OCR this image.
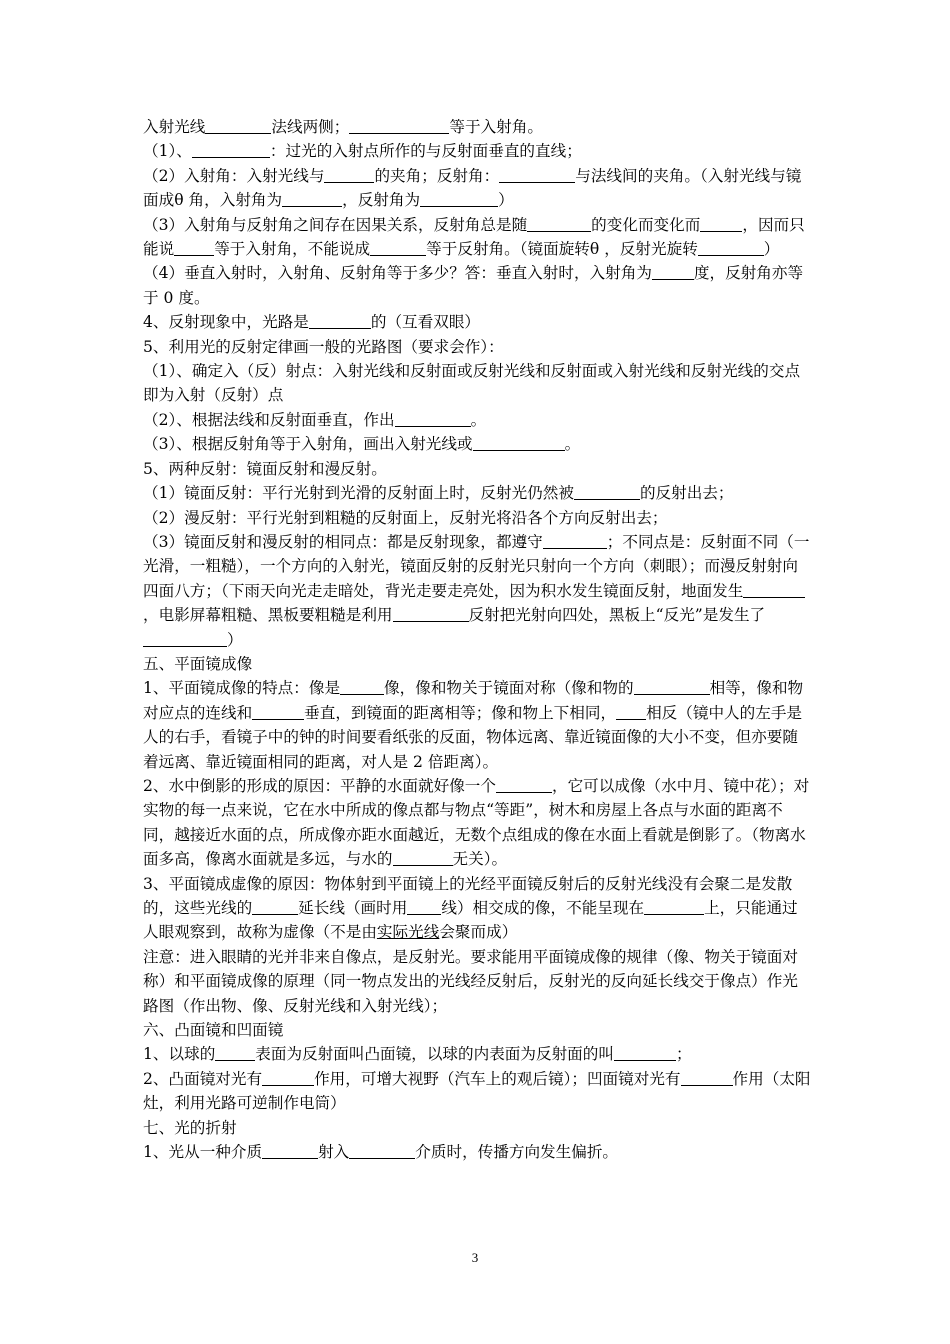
入射光线	法线两侧；	等于入射角。

（1）、	：过光的入射点所作的与反射面垂直的直线；

（2）入射角：入射光线与	的夹角；反射角：	与法线间的夹角。（入射光线与镜面成θ 角，入射角为	，反射角为	）

（3）入射角与反射角之间存在因果关系，反射角总是随	的变化而变化而	，因而只能说	等于入射角，不能说成	等于反射角。（镜面旋转θ ，反射光旋转	）

（4）垂直入射时，入射角、反射角等于多少？答：垂直入射时，入射角为	度，反射角亦等于 0 度。

4、反射现象中，光路是	的（互看双眼）

5、利用光的反射定律画一般的光路图（要求会作）：

（1）、确定入（反）射点：入射光线和反射面或反射光线和反射面或入射光线和反射光线的交点即为入射（反射）点

（2）、根据法线和反射面垂直，作出	。

（3）、根据反射角等于入射角，画出入射光线或	。

5、两种反射：镜面反射和漫反射。

（1）镜面反射：平行光射到光滑的反射面上时，反射光仍然被	的反射出去；

（2）漫反射：平行光射到粗糙的反射面上，反射光将沿各个方向反射出去；

（3）镜面反射和漫反射的相同点：都是反射现象，都遵守	；不同点是：反射面不同（一光滑，一粗糙），一个方向的入射光，镜面反射的反射光只射向一个方向（刺眼）；而漫反射射向四面八方；（下雨天向光走走暗处，背光走要走亮处，因为积水发生镜面反射，地面发生，电影屏幕粗糙、黑板要粗糙是利用	反射把光射向四处，黑板上“反光”是发生了）

五、平面镜成像

1、平面镜成像的特点：像是	像，像和物关于镜面对称（像和物的	相等，像和物对应点的连线和	垂直，到镜面的距离相等；像和物上下相同， 相反（镜中人的左手是人的右手，看镜子中的钟的时间要看纸张的反面，物体远离、靠近镜面像的大小不变，但亦要随着远离、靠近镜面相同的距离，对人是 2 倍距离）。

2、水中倒影的形成的原因：平静的水面就好像一个	，它可以成像（水中月、镜中花）；对实物的每一点来说，它在水中所成的像点都与物点“等距”，树木和房屋上各点与水面的距离不同，越接近水面的点，所成像亦距水面越近，无数个点组成的像在水面上看就是倒影了。（物离水面多高，像离水面就是多远，与水的	无关）。

3、平面镜成虚像的原因：物体射到平面镜上的光经平面镜反射后的反射光线没有会聚二是发散的，这些光线的	延长线（画时用 线）相交成的像，不能呈现在	上，只能通过人眼观察到，故称为虚像（不是由实际光线会聚而成）

注意：进入眼睛的光并非来自像点，是反射光。要求能用平面镜成像的规律（像、物关于镜面对称）和平面镜成像的原理（同一物点发出的光线经反射后，反射光的反向延长线交于像点）作光路图（作出物、像、反射光线和入射光线）；

六、凸面镜和凹面镜

1、以球的	表面为反射面叫凸面镜，以球的内表面为反射面的叫	；

2、凸面镜对光有	作用，可增大视野（汽车上的观后镜）；凹面镜对光有	作用（太阳灶，利用光路可逆制作电筒）

七、光的折射

1、光从一种介质	射入	介质时，传播方向发生偏折。

3
